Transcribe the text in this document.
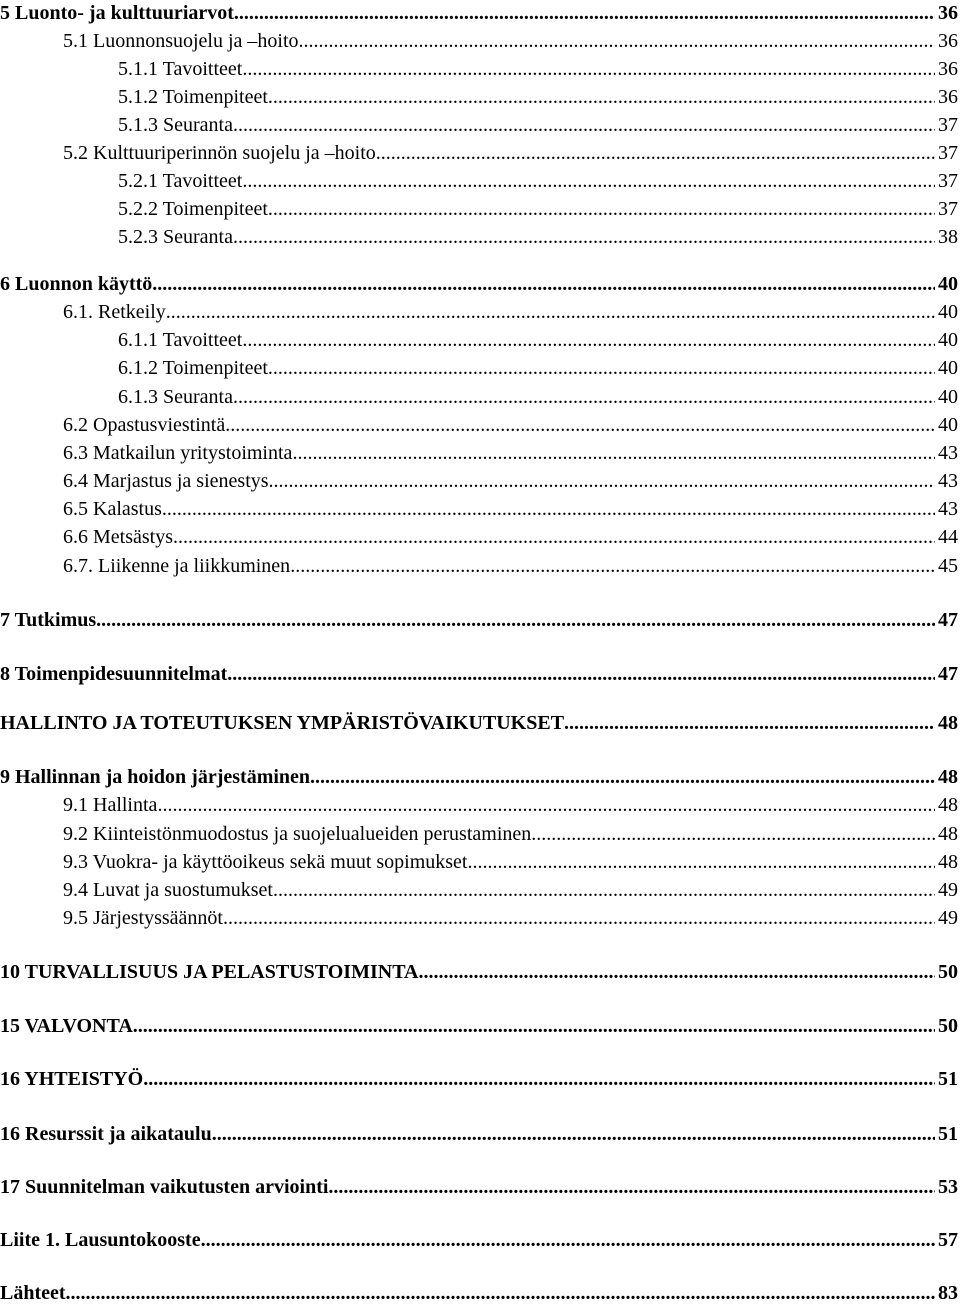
5 Luonto- ja kulttuuriarvot .....	36
5.1 Luonnonsuojelu ja –hoito .....	36
5.1.1 Tavoitteet .....	36
5.1.2 Toimenpiteet .....	36
5.1.3 Seuranta .....	37
5.2 Kulttuuriperinnön suojelu ja –hoito .....	37
5.2.1 Tavoitteet .....	37
5.2.2 Toimenpiteet .....	37
5.2.3 Seuranta .....	38
6 Luonnon käyttö .....	40
6.1. Retkeily .....	40
6.1.1 Tavoitteet .....	40
6.1.2 Toimenpiteet .....	40
6.1.3 Seuranta .....	40
6.2 Opastusviestintä .....	40
6.3 Matkailun yritystoiminta .....	43
6.4 Marjastus ja sienestys .....	43
6.5 Kalastus .....	43
6.6 Metsästys .....	44
6.7. Liikenne ja liikkuminen .....	45
7 Tutkimus .....	47
8 Toimenpidesuunnitelmat .....	47
HALLINTO JA TOTEUTUKSEN YMPÄRISTÖVAIKUTUKSET .....	48
9 Hallinnan ja hoidon järjestäminen .....	48
9.1 Hallinta .....	48
9.2 Kiinteistönmuodostus ja suojelualueiden perustaminen .....	48
9.3 Vuokra- ja käyttöoikeus sekä muut sopimukset .....	48
9.4 Luvat ja suostumukset .....	49
9.5 Järjestyssäännöt .....	49
10 TURVALLISUUS JA PELASTUSTOIMINTA .....	50
15 VALVONTA .....	50
16 YHTEISTYÖ .....	51
16 Resurssit ja aikataulu .....	51
17 Suunnitelman vaikutusten arviointi .....	53
Liite 1. Lausuntokooste .....	57
Lähteet .....	83
